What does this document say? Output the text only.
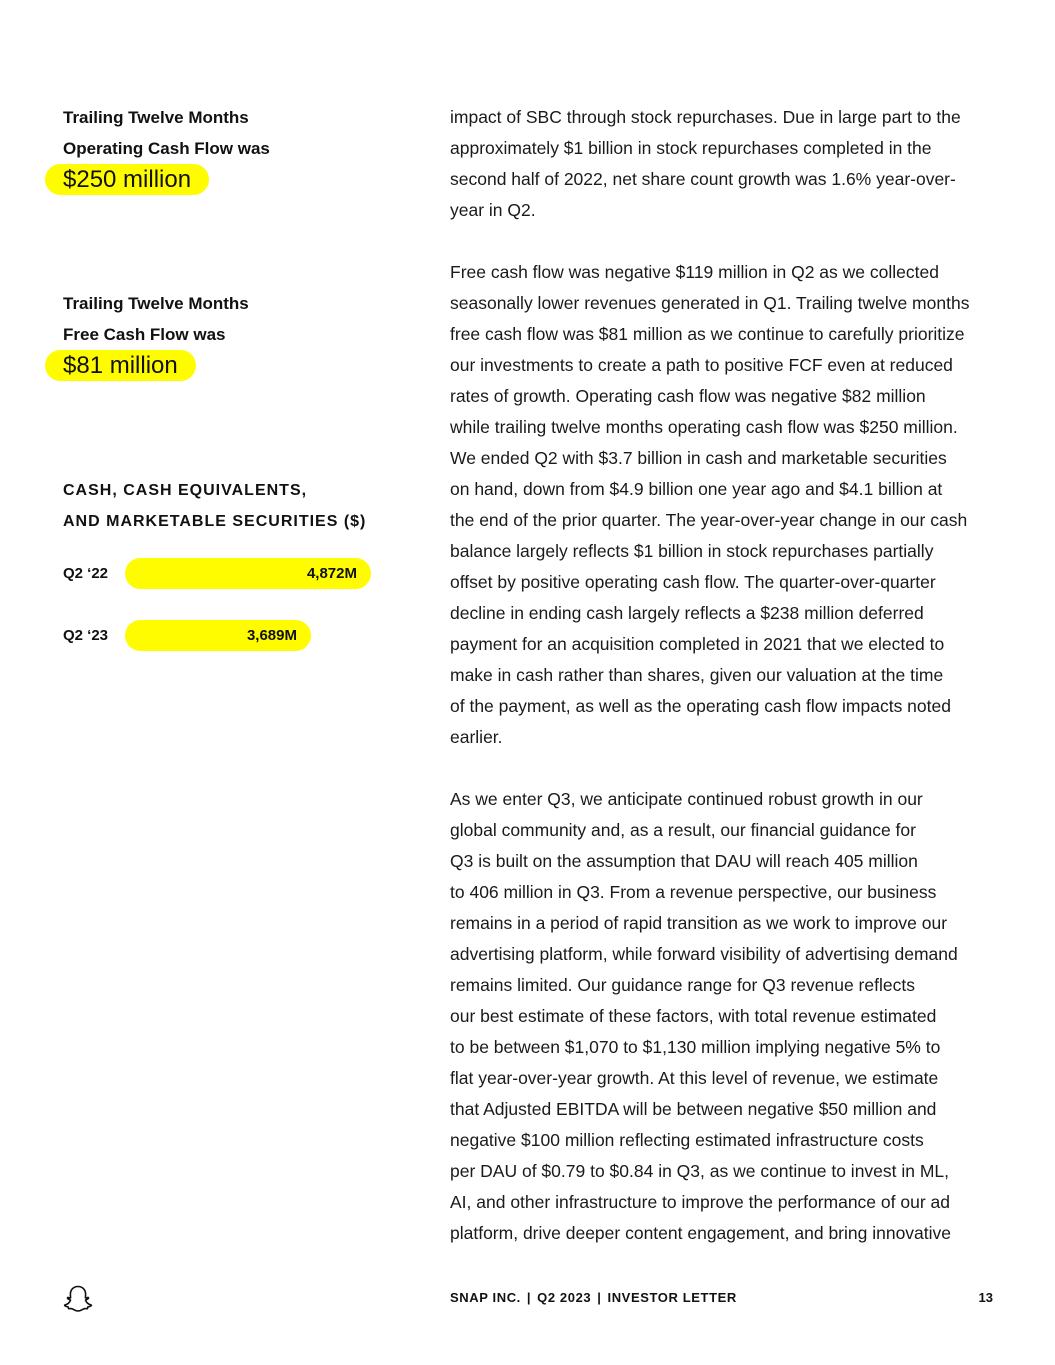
Trailing Twelve Months
Operating Cash Flow was
$250 million
Trailing Twelve Months
Free Cash Flow was
$81 million
CASH, CASH EQUIVALENTS,
AND MARKETABLE SECURITIES ($)
Q2 ‘22	4,872M
Q2 ‘23	3,689M
impact of SBC through stock repurchases. Due in large part to the
approximately $1 billion in stock repurchases completed in the
second half of 2022, net share count growth was 1.6% year-over-
year in Q2.
Free cash flow was negative $119 million in Q2 as we collected
seasonally lower revenues generated in Q1. Trailing twelve months
free cash flow was $81 million as we continue to carefully prioritize
our investments to create a path to positive FCF even at reduced
rates of growth. Operating cash flow was negative $82 million
while trailing twelve months operating cash flow was $250 million.
We ended Q2 with $3.7 billion in cash and marketable securities
on hand, down from $4.9 billion one year ago and $4.1 billion at
the end of the prior quarter. The year-over-year change in our cash
balance largely reflects $1 billion in stock repurchases partially
offset by positive operating cash flow. The quarter-over-quarter
decline in ending cash largely reflects a $238 million deferred
payment for an acquisition completed in 2021 that we elected to
make in cash rather than shares, given our valuation at the time
of the payment, as well as the operating cash flow impacts noted
earlier.
As we enter Q3, we anticipate continued robust growth in our
global community and, as a result, our financial guidance for
Q3 is built on the assumption that DAU will reach 405 million
to 406 million in Q3. From a revenue perspective, our business
remains in a period of rapid transition as we work to improve our
advertising platform, while forward visibility of advertising demand
remains limited. Our guidance range for Q3 revenue reflects
our best estimate of these factors, with total revenue estimated
to be between $1,070 to $1,130 million implying negative 5% to
flat year-over-year growth. At this level of revenue, we estimate
that Adjusted EBITDA will be between negative $50 million and
negative $100 million reflecting estimated infrastructure costs
per DAU of $0.79 to $0.84 in Q3, as we continue to invest in ML,
AI, and other infrastructure to improve the performance of our ad
platform, drive deeper content engagement, and bring innovative
SNAP INC. | Q2 2023 | INVESTOR LETTER	13
